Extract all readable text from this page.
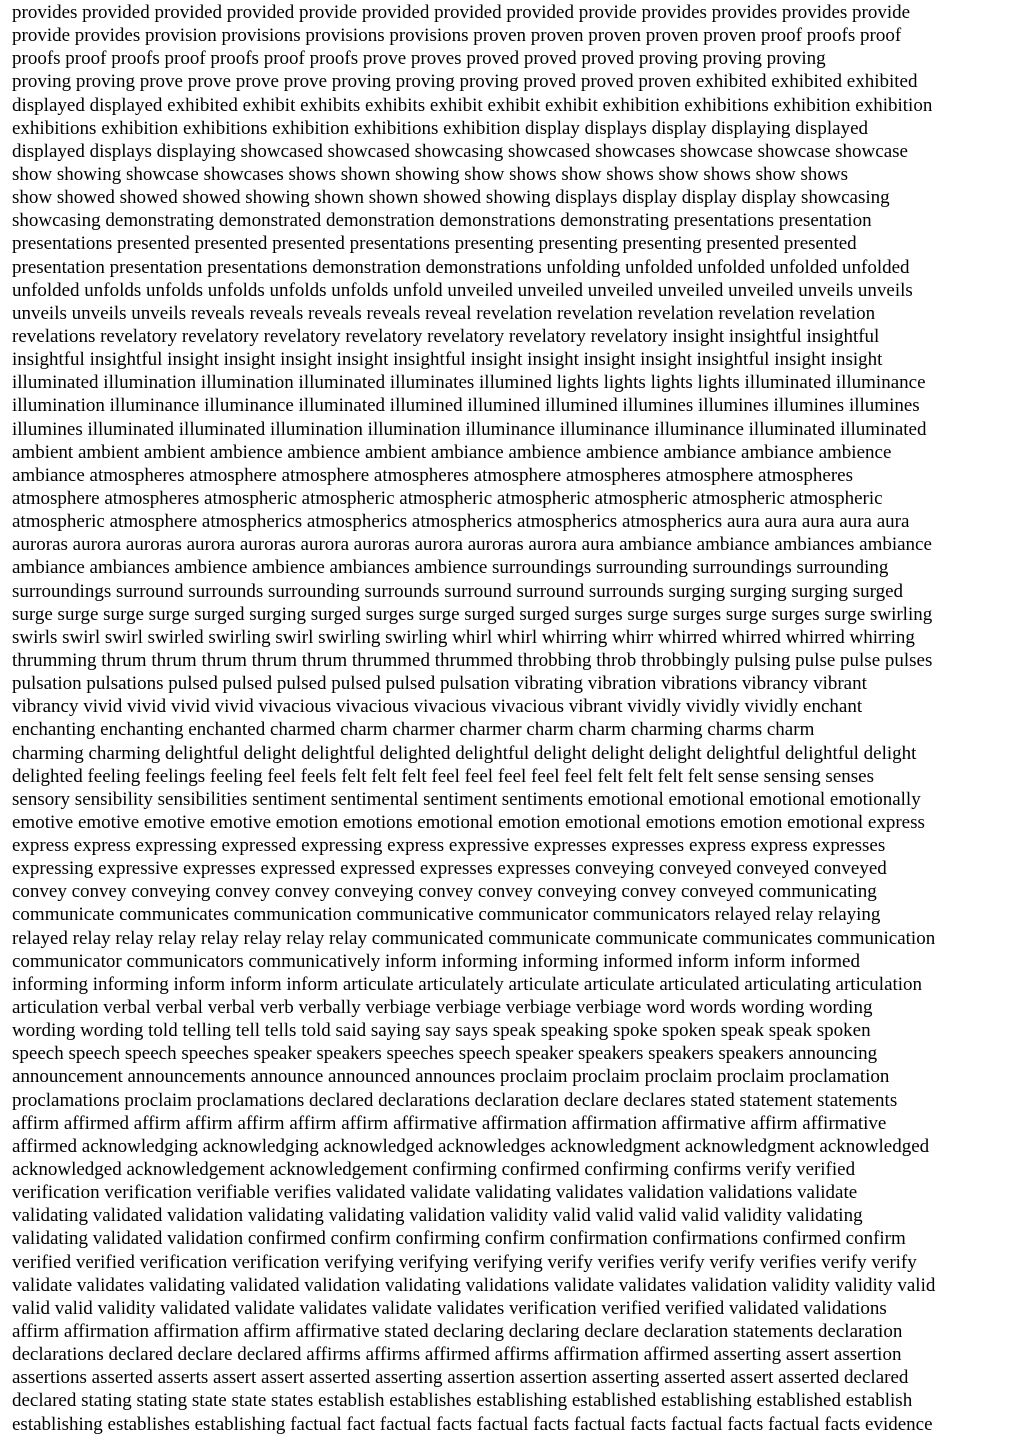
provides provided provided provided provide provided provided provided provide provides provides provides provide
provide provides provision provisions provisions provisions proven proven proven proven proven proof proofs proof
proofs proof proofs proof proofs proof proofs prove proves proved proved proved proving proving proving
proving proving prove prove prove prove proving proving proving proved proved proven exhibited exhibited exhibited
displayed displayed exhibited exhibit exhibits exhibits exhibit exhibit exhibit exhibition exhibitions exhibition exhibition
exhibitions exhibition exhibitions exhibition exhibitions exhibition display displays display displaying displayed
displayed displays displaying showcased showcased showcasing showcased showcases showcase showcase showcase
show showing showcase showcases shows shown showing show shows show shows show shows show shows
show showed showed showed showing shown shown showed showing displays display display display showcasing
showcasing demonstrating demonstrated demonstration demonstrations demonstrating presentations presentation
presentations presented presented presented presentations presenting presenting presenting presented presented
presentation presentation presentations demonstration demonstrations unfolding unfolded unfolded unfolded unfolded
unfolded unfolds unfolds unfolds unfolds unfolds unfold unveiled unveiled unveiled unveiled unveiled unveils unveils
unveils unveils unveils reveals reveals reveals reveals reveal revelation revelation revelation revelation revelation
revelations revelatory revelatory revelatory revelatory revelatory revelatory revelatory insight insightful insightful
insightful insightful insight insight insight insight insightful insight insight insight insight insightful insight insight
illuminated illumination illumination illuminated illuminates illumined lights lights lights lights illuminated illuminance
illumination illuminance illuminance illuminated illumined illumined illumined illumines illumines illumines illumines
illumines illuminated illuminated illumination illumination illuminance illuminance illuminance illuminated illuminated
ambient ambient ambient ambience ambience ambient ambiance ambience ambience ambiance ambiance ambience
ambiance atmospheres atmosphere atmosphere atmospheres atmosphere atmospheres atmosphere atmospheres
atmosphere atmospheres atmospheric atmospheric atmospheric atmospheric atmospheric atmospheric atmospheric
atmospheric atmosphere atmospherics atmospherics atmospherics atmospherics atmospherics aura aura aura aura aura
auroras aurora auroras aurora auroras aurora auroras aurora auroras aurora aura ambiance ambiance ambiances ambiance
ambiance ambiances ambience ambience ambiances ambience surroundings surrounding surroundings surrounding
surroundings surround surrounds surrounding surrounds surround surround surrounds surging surging surging surged
surge surge surge surge surged surging surged surges surge surged surged surges surge surges surge surges surge swirling
swirls swirl swirl swirled swirling swirl swirling swirling whirl whirl whirring whirr whirred whirred whirred whirring
thrumming thrum thrum thrum thrum thrum thrummed thrummed throbbing throb throbbingly pulsing pulse pulse pulses
pulsation pulsations pulsed pulsed pulsed pulsed pulsed pulsation vibrating vibration vibrations vibrancy vibrant
vibrancy vivid vivid vivid vivid vivacious vivacious vivacious vivacious vibrant vividly vividly vividly enchant
enchanting enchanting enchanted charmed charm charmer charmer charm charm charming charms charm
charming charming delightful delight delightful delighted delightful delight delight delight delightful delightful delight
delighted feeling feelings feeling feel feels felt felt felt feel feel feel feel feel felt felt felt felt sense sensing senses
sensory sensibility sensibilities sentiment sentimental sentiment sentiments emotional emotional emotional emotionally
emotive emotive emotive emotive emotion emotions emotional emotion emotional emotions emotion emotional express
express express expressing expressed expressing express expressive expresses expresses express express expresses
expressing expressive expresses expressed expressed expresses expresses conveying conveyed conveyed conveyed
convey convey conveying convey convey conveying convey convey conveying convey conveyed communicating
communicate communicates communication communicative communicator communicators relayed relay relaying
relayed relay relay relay relay relay relay relay communicated communicate communicate communicates communication
communicator communicators communicatively inform informing informing informed inform inform informed
informing informing inform inform inform articulate articulately articulate articulate articulated articulating articulation
articulation verbal verbal verbal verb verbally verbiage verbiage verbiage verbiage word words wording wording
wording wording told telling tell tells told said saying say says speak speaking spoke spoken speak speak spoken
speech speech speech speeches speaker speakers speeches speech speaker speakers speakers speakers announcing
announcement announcements announce announced announces proclaim proclaim proclaim proclaim proclamation
proclamations proclaim proclamations declared declarations declaration declare declares stated statement statements
affirm affirmed affirm affirm affirm affirm affirm affirmative affirmation affirmation affirmative affirm affirmative
affirmed acknowledging acknowledging acknowledged acknowledges acknowledgment acknowledgment acknowledged
acknowledged acknowledgement acknowledgement confirming confirmed confirming confirms verify verified
verification verification verifiable verifies validated validate validating validates validation validations validate
validating validated validation validating validating validation validity valid valid valid valid validity validating
validating validated validation confirmed confirm confirming confirm confirmation confirmations confirmed confirm
verified verified verification verification verifying verifying verifying verify verifies verify verify verifies verify verify
validate validates validating validated validation validating validations validate validates validation validity validity valid
valid valid validity validated validate validates validate validates verification verified verified validated validations
affirm affirmation affirmation affirm affirmative stated declaring declaring declare declaration statements declaration
declarations declared declare declared affirms affirms affirmed affirms affirmation affirmed asserting assert assertion
assertions asserted asserts assert assert asserted asserting assertion assertion asserting asserted assert asserted declared
declared stating stating state state states establish establishes establishing established establishing established establish
establishing establishes establishing factual fact factual facts factual facts factual facts factual facts factual facts evidence
